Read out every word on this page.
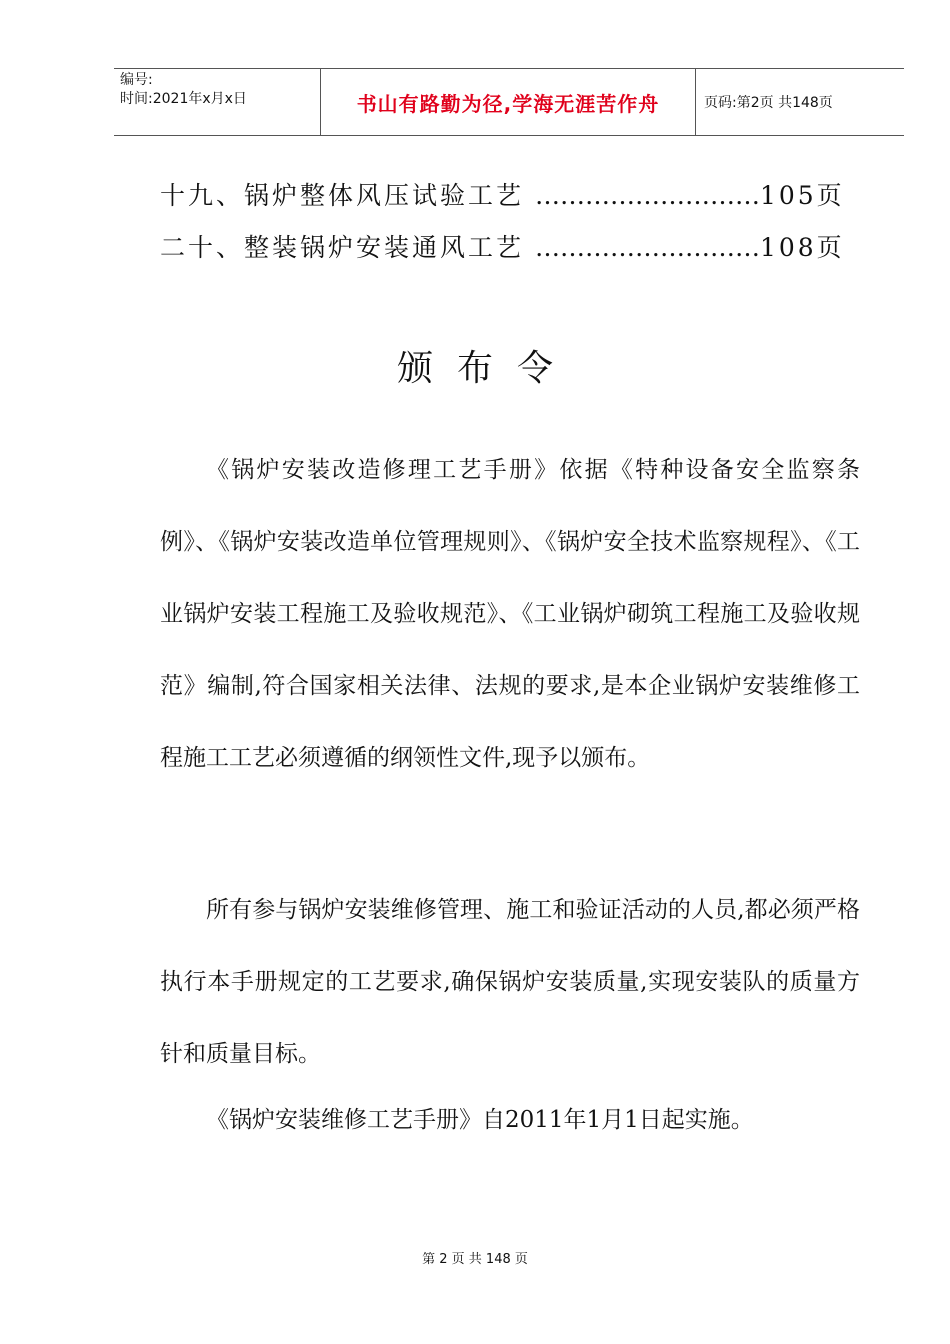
编号:
时间:2021年x月x日	书山有路勤为径,学海无涯苦作舟	页码:第2页 共148页
十九、锅炉整体风压试验工艺 ………………………105页
二十、整装锅炉安装通风工艺 ………………………108页
颁布令

《锅炉安装改造修理工艺手册》依据《特种设备安全监察条例》、《锅炉安装改造单位管理规则》、《锅炉安全技术监察规程》、《工业锅炉安装工程施工及验收规范》、《工业锅炉砌筑工程施工及验收规范》编制,符合国家相关法律、法规的要求,是本企业锅炉安装维修工程施工工艺必须遵循的纲领性文件,现予以颁布。

所有参与锅炉安装维修管理、施工和验证活动的人员,都必须严格执行本手册规定的工艺要求,确保锅炉安装质量,实现安装队的质量方针和质量目标。

《锅炉安装维修工艺手册》自2011年1月1日起实施。

第 2 页 共 148 页
